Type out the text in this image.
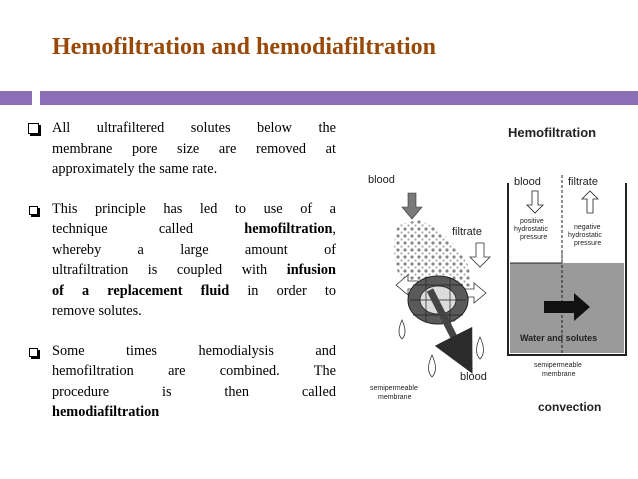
Hemofiltration and hemodiafiltration
All ultrafiltered solutes below the
membrane pore size are removed at
approximately the same rate.
This principle has led to use of a
technique called hemofiltration,
whereby a large amount of
ultrafiltration is coupled with infusion
of a replacement fluid in order to
remove solutes.
Some times hemodialysis and
hemofiltration are combined. The
procedure is then called
hemodiafiltration
Hemofiltration
blood
filtrate
blood
semipermeable
membrane
blood filtrate
positive
hydrostatic
pressure
negative
hydrostatic
pressure
Water and solutes
semipermeable
membrane
convection
